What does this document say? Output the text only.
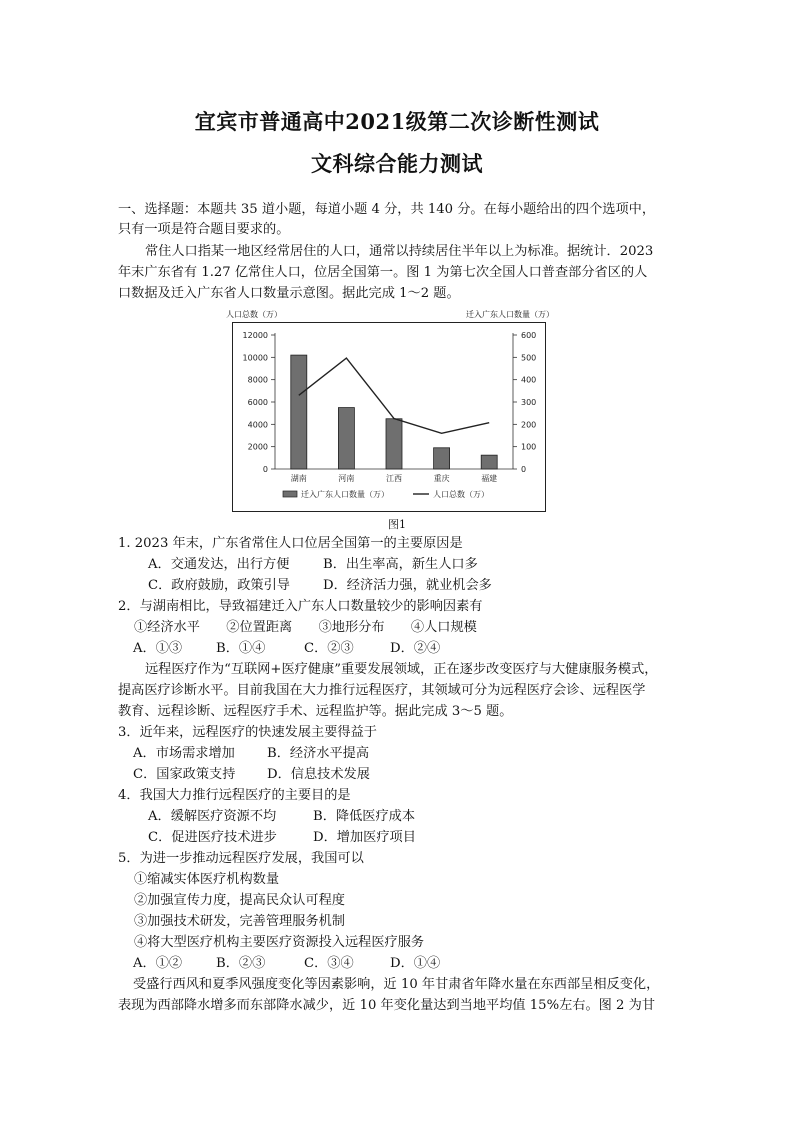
宜宾市普通高中2021级第二次诊断性测试
文科综合能力测试
一、选择题：本题共 35 道小题，每道小题 4 分，共 140 分。在每小题给出的四个选项中，
只有一项是符合题目要求的。
常住人口指某一地区经常居住的人口，通常以持续居住半年以上为标准。据统计．2023
年末广东省有 1.27 亿常住人口，位居全国第一。图 1 为第七次全国人口普查部分省区的人
口数据及迁入广东省人口数量示意图。据此完成 1～2 题。
人口总数（万）	迁入广东人口数量（万）
0
2000
4000
6000
8000
10000
12000
0
100
200
300
400
500
600
湖南	河南	江西	重庆	福建
迁入广东人口数量（万）	人口总数（万）
图1
1. 2023 年末，广东省常住人口位居全国第一的主要原因是
A．交通发达，出行方便	B．出生率高，新生人口多
C．政府鼓励，政策引导	D．经济活力强，就业机会多
2．与湖南相比，导致福建迁入广东人口数量较少的影响因素有
①经济水平　　②位置距离　　③地形分布　　④人口规模
A．①③	B．①④	C．②③	D．②④
远程医疗作为“互联网+医疗健康”重要发展领域，正在逐步改变医疗与大健康服务模式，
提高医疗诊断水平。目前我国在大力推行远程医疗，其领域可分为远程医疗会诊、远程医学
教育、远程诊断、远程医疗手术、远程监护等。据此完成 3～5 题。
3．近年来，远程医疗的快速发展主要得益于
A．市场需求增加 B．经济水平提高
C．国家政策支持 D．信息技术发展
4．我国大力推行远程医疗的主要目的是
A．缓解医疗资源不均	B．降低医疗成本
C．促进医疗技术进步	D．增加医疗项目
5．为进一步推动远程医疗发展，我国可以
①缩减实体医疗机构数量
②加强宣传力度，提高民众认可程度
③加强技术研发，完善管理服务机制
④将大型医疗机构主要医疗资源投入远程医疗服务
A．①②	B．②③	C．③④	D．①④
受盛行西风和夏季风强度变化等因素影响，近 10 年甘肃省年降水量在东西部呈相反变化，
表现为西部降水增多而东部降水减少，近 10 年变化量达到当地平均值 15%左右。图 2 为甘
